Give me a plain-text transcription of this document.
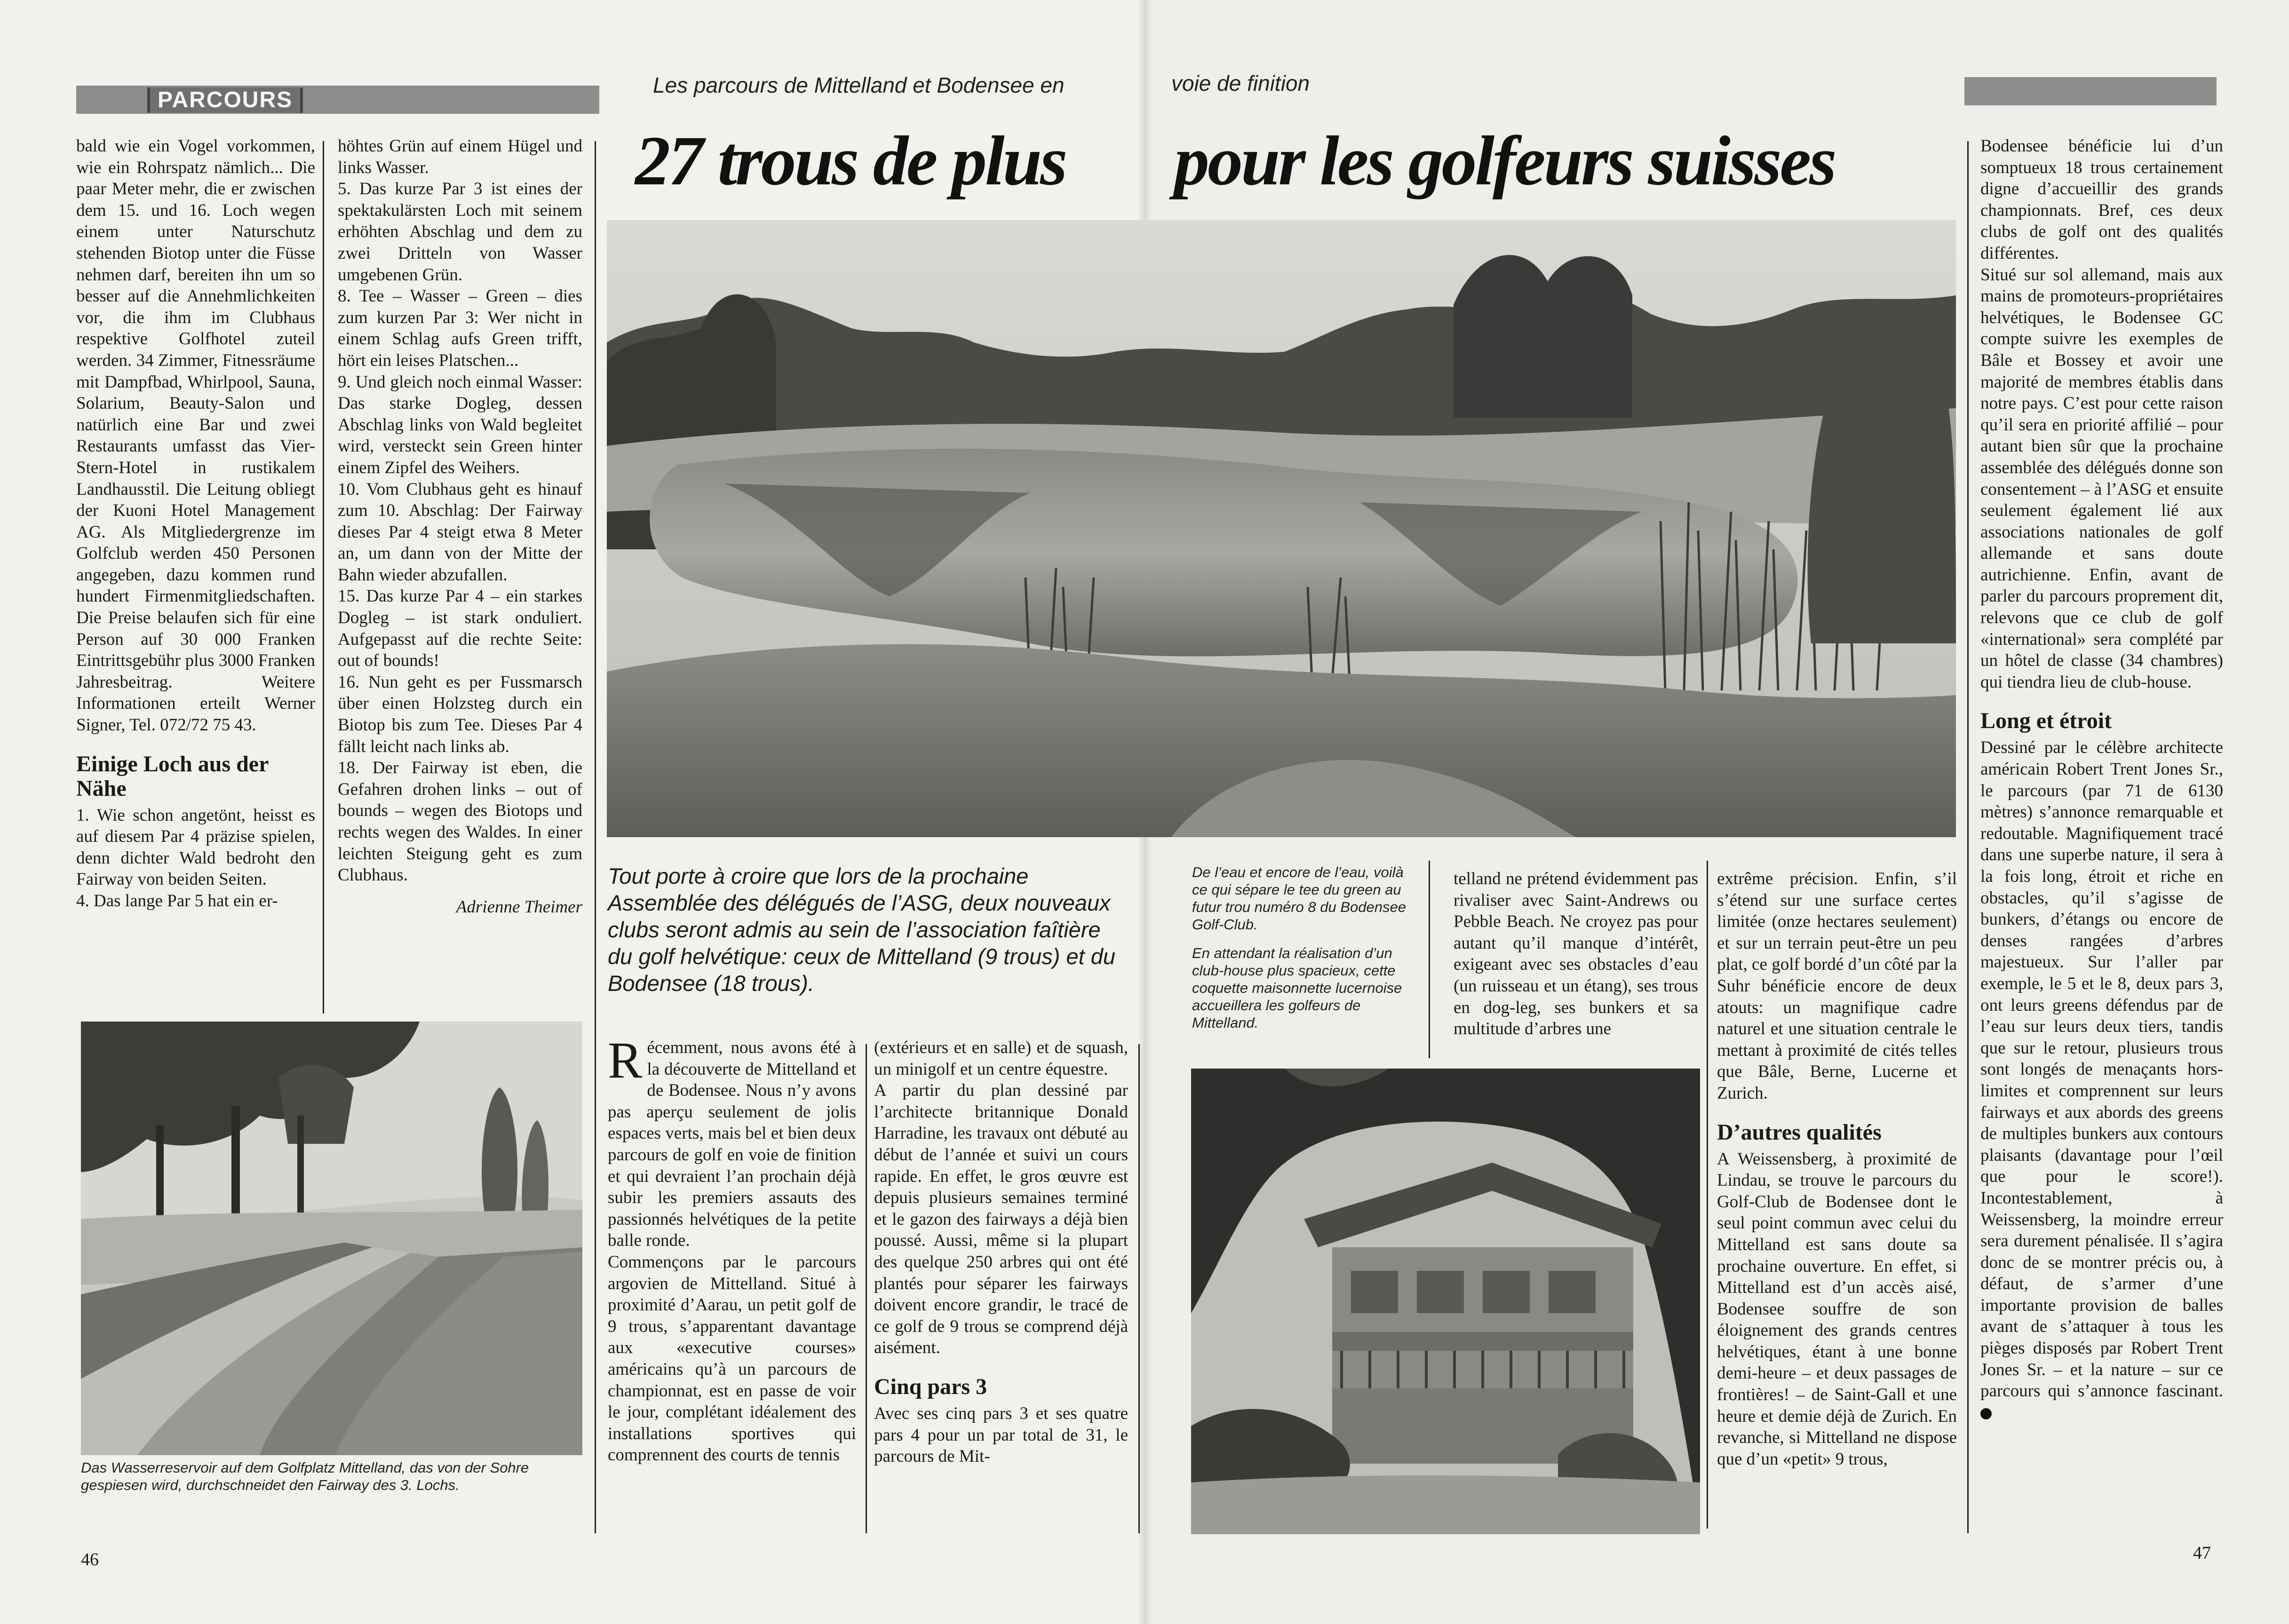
PARCOURS
Les parcours de Mittelland et Bodensee en	voie de finition
27 trous de plus pour les golfeurs suisses

bald wie ein Vogel vorkommen, wie ein Rohrspatz nämlich... Die paar Meter mehr, die er zwischen dem 15. und 16. Loch wegen einem unter Naturschutz stehenden Biotop unter die Füsse nehmen darf, bereiten ihn um so besser auf die Annehmlichkeiten vor, die ihm im Clubhaus respektive Golfhotel zuteil werden. 34 Zimmer, Fitnessräume mit Dampfbad, Whirlpool, Sauna, Solarium, Beauty-Salon und natürlich eine Bar und zwei Restaurants umfasst das Vier-Stern-Hotel in rustikalem Landhausstil. Die Leitung obliegt der Kuoni Hotel Management AG. Als Mitgliedergrenze im Golfclub werden 450 Personen angegeben, dazu kommen rund hundert Firmenmitgliedschaften. Die Preise belaufen sich für eine Person auf 30 000 Franken Eintrittsgebühr plus 3000 Franken Jahresbeitrag. Weitere Informationen erteilt Werner Signer, Tel. 072/72 75 43.

Einige Loch aus der Nähe

1. Wie schon angetönt, heisst es auf diesem Par 4 präzise spielen, denn dichter Wald bedroht den Fairway von beiden Seiten.

4. Das lange Par 5 hat ein er-

höhtes Grün auf einem Hügel und links Wasser.

5. Das kurze Par 3 ist eines der spektakulärsten Loch mit seinem erhöhten Abschlag und dem zu zwei Dritteln von Wasser umgebenen Grün.

8. Tee – Wasser – Green – dies zum kurzen Par 3: Wer nicht in einem Schlag aufs Green trifft, hört ein leises Platschen...

9. Und gleich noch einmal Wasser: Das starke Dogleg, dessen Abschlag links von Wald begleitet wird, versteckt sein Green hinter einem Zipfel des Weihers.

10. Vom Clubhaus geht es hinauf zum 10. Abschlag: Der Fairway dieses Par 4 steigt etwa 8 Meter an, um dann von der Mitte der Bahn wieder abzufallen.

15. Das kurze Par 4 – ein starkes Dogleg – ist stark onduliert. Aufgepasst auf die rechte Seite: out of bounds!

16. Nun geht es per Fussmarsch über einen Holzsteg durch ein Biotop bis zum Tee. Dieses Par 4 fällt leicht nach links ab.

18. Der Fairway ist eben, die Gefahren drohen links – out of bounds – wegen des Biotops und rechts wegen des Waldes. In einer leichten Steigung geht es zum Clubhaus.

Adrienne Theimer

Das Wasserreservoir auf dem Golfplatz Mittelland, das von der Sohre gespiesen wird, durchschneidet den Fairway des 3. Lochs.
46
Tout porte à croire que lors de la prochaine Assemblée des délégués de l’ASG, deux nouveaux clubs seront admis au sein de l’association faîtière du golf helvétique: ceux de Mittelland (9 trous) et du Bodensee (18 trous).

De l’eau et encore de l’eau, voilà ce qui sépare le tee du green au futur trou numéro 8 du Bodensee Golf-Club.

En attendant la réalisation d’un club-house plus spacieux, cette coquette maisonnette lucernoise accueillera les golfeurs de Mittelland.

Récemment, nous avons été à la découverte de Mittelland et de Bodensee. Nous n’y avons pas aperçu seulement de jolis espaces verts, mais bel et bien deux parcours de golf en voie de finition et qui devraient l’an prochain déjà subir les premiers assauts des passionnés helvétiques de la petite balle ronde.

Commençons par le parcours argovien de Mittelland. Situé à proximité d’Aarau, un petit golf de 9 trous, s’apparentant davantage aux «executive courses» américains qu’à un parcours de championnat, est en passe de voir le jour, complétant idéalement des installations sportives qui comprennent des courts de tennis

(extérieurs et en salle) et de squash, un minigolf et un centre équestre.

A partir du plan dessiné par l’architecte britannique Donald Harradine, les travaux ont débuté au début de l’année et suivi un cours rapide. En effet, le gros œuvre est depuis plusieurs semaines terminé et le gazon des fairways a déjà bien poussé. Aussi, même si la plupart des quelque 250 arbres qui ont été plantés pour séparer les fairways doivent encore grandir, le tracé de ce golf de 9 trous se comprend déjà aisément.

Cinq pars 3

Avec ses cinq pars 3 et ses quatre pars 4 pour un par total de 31, le parcours de Mit-

telland ne prétend évidemment pas rivaliser avec Saint-Andrews ou Pebble Beach. Ne croyez pas pour autant qu’il manque d’intérêt, exigeant avec ses obstacles d’eau (un ruisseau et un étang), ses trous en dog-leg, ses bunkers et sa multitude d’arbres une

extrême précision. Enfin, s’il s’étend sur une surface certes limitée (onze hectares seulement) et sur un terrain peut-être un peu plat, ce golf bordé d’un côté par la Suhr bénéficie encore de deux atouts: un magnifique cadre naturel et une situation centrale le mettant à proximité de cités telles que Bâle, Berne, Lucerne et Zurich.

D’autres qualités

A Weissensberg, à proximité de Lindau, se trouve le parcours du Golf-Club de Bodensee dont le seul point commun avec celui du Mittelland est sans doute sa prochaine ouverture. En effet, si Mittelland est d’un accès aisé, Bodensee souffre de son éloignement des grands centres helvétiques, étant à une bonne demi-heure – et deux passages de frontières! – de Saint-Gall et une heure et demie déjà de Zurich. En revanche, si Mittelland ne dispose que d’un «petit» 9 trous,

Bodensee bénéficie lui d’un somptueux 18 trous certainement digne d’accueillir des grands championnats. Bref, ces deux clubs de golf ont des qualités différentes.

Situé sur sol allemand, mais aux mains de promoteurs-propriétaires helvétiques, le Bodensee GC compte suivre les exemples de Bâle et Bossey et avoir une majorité de membres établis dans notre pays. C’est pour cette raison qu’il sera en priorité affilié – pour autant bien sûr que la prochaine assemblée des délégués donne son consentement – à l’ASG et ensuite seulement également lié aux associations nationales de golf allemande et sans doute autrichienne. Enfin, avant de parler du parcours proprement dit, relevons que ce club de golf «international» sera complété par un hôtel de classe (34 chambres) qui tiendra lieu de club-house.

Long et étroit

Dessiné par le célèbre architecte américain Robert Trent Jones Sr., le parcours (par 71 de 6130 mètres) s’annonce remarquable et redoutable. Magnifiquement tracé dans une superbe nature, il sera à la fois long, étroit et riche en obstacles, qu’il s’agisse de bunkers, d’étangs ou encore de denses rangées d’arbres majestueux. Sur l’aller par exemple, le 5 et le 8, deux pars 3, ont leurs greens défendus par de l’eau sur leurs deux tiers, tandis que sur le retour, plusieurs trous sont longés de menaçants hors-limites et comprennent sur leurs fairways et aux abords des greens de multiples bunkers aux contours plaisants (davantage pour l’œil que pour le score!). Incontestablement, à Weissensberg, la moindre erreur sera durement pénalisée. Il s’agira donc de se montrer précis ou, à défaut, de s’armer d’une importante provision de balles avant de s’attaquer à tous les pièges disposés par Robert Trent Jones Sr. – et la nature – sur ce parcours qui s’annonce fascinant.

47
